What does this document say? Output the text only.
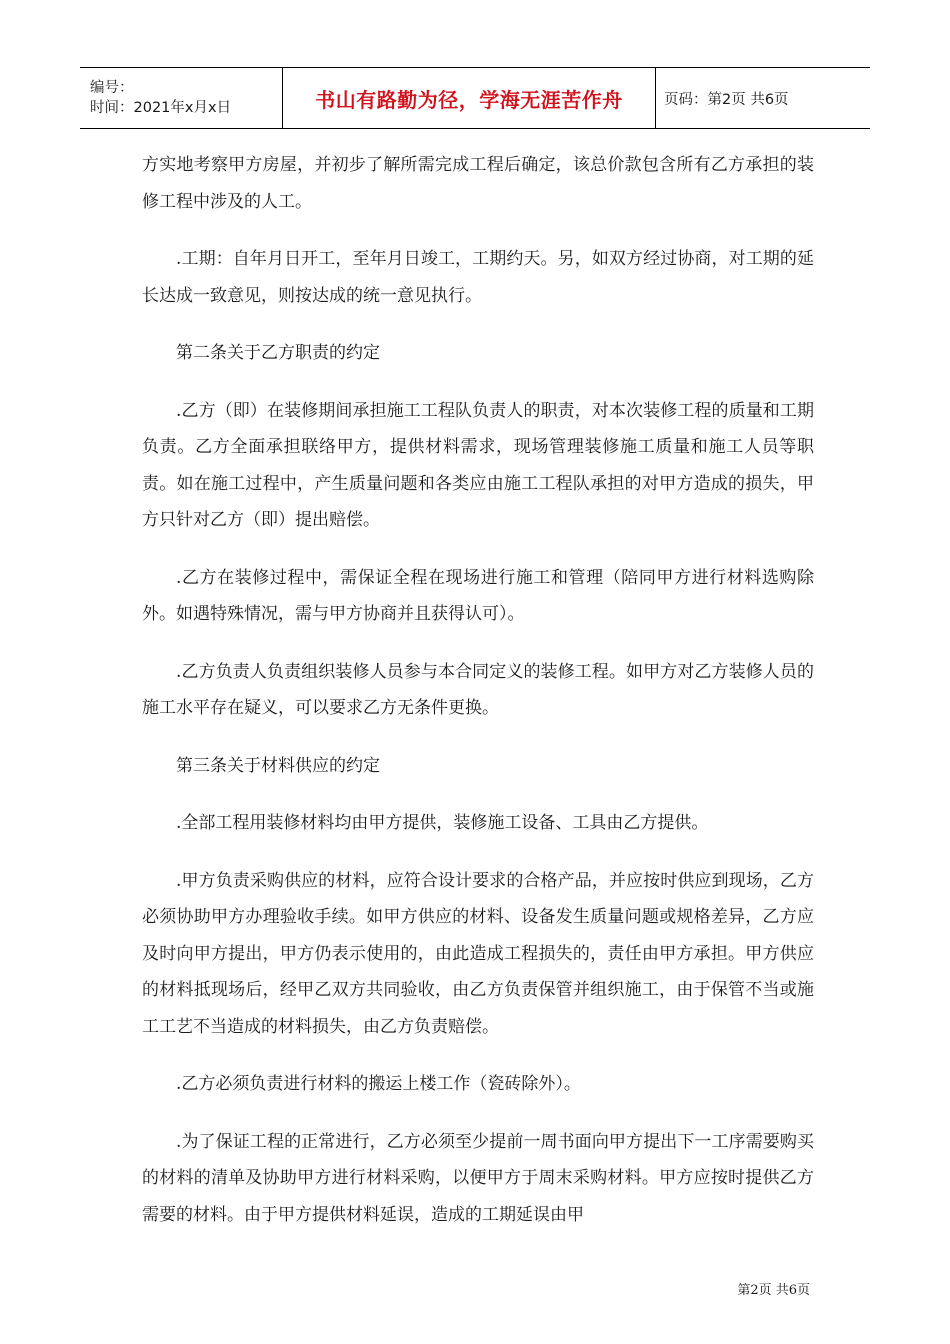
编号：
时间：2021年x月x日	书山有路勤为径，学海无涯苦作舟	页码：第2页 共6页

方实地考察甲方房屋，并初步了解所需完成工程后确定，该总价款包含所有乙方承担的装修工程中涉及的人工。

.工期：自年月日开工，至年月日竣工，工期约天。另，如双方经过协商，对工期的延长达成一致意见，则按达成的统一意见执行。

第二条关于乙方职责的约定

.乙方（即）在装修期间承担施工工程队负责人的职责，对本次装修工程的质量和工期负责。乙方全面承担联络甲方，提供材料需求，现场管理装修施工质量和施工人员等职责。如在施工过程中，产生质量问题和各类应由施工工程队承担的对甲方造成的损失，甲方只针对乙方（即）提出赔偿。

.乙方在装修过程中，需保证全程在现场进行施工和管理（陪同甲方进行材料选购除外。如遇特殊情况，需与甲方协商并且获得认可）。

.乙方负责人负责组织装修人员参与本合同定义的装修工程。如甲方对乙方装修人员的施工水平存在疑义，可以要求乙方无条件更换。

第三条关于材料供应的约定

.全部工程用装修材料均由甲方提供，装修施工设备、工具由乙方提供。

.甲方负责采购供应的材料，应符合设计要求的合格产品，并应按时供应到现场，乙方必须协助甲方办理验收手续。如甲方供应的材料、设备发生质量问题或规格差异，乙方应及时向甲方提出，甲方仍表示使用的，由此造成工程损失的，责任由甲方承担。甲方供应的材料抵现场后，经甲乙双方共同验收，由乙方负责保管并组织施工，由于保管不当或施工工艺不当造成的材料损失，由乙方负责赔偿。

.乙方必须负责进行材料的搬运上楼工作（瓷砖除外）。

.为了保证工程的正常进行，乙方必须至少提前一周书面向甲方提出下一工序需要购买的材料的清单及协助甲方进行材料采购，以便甲方于周末采购材料。甲方应按时提供乙方需要的材料。由于甲方提供材料延误，造成的工期延误由甲

第2页 共6页
